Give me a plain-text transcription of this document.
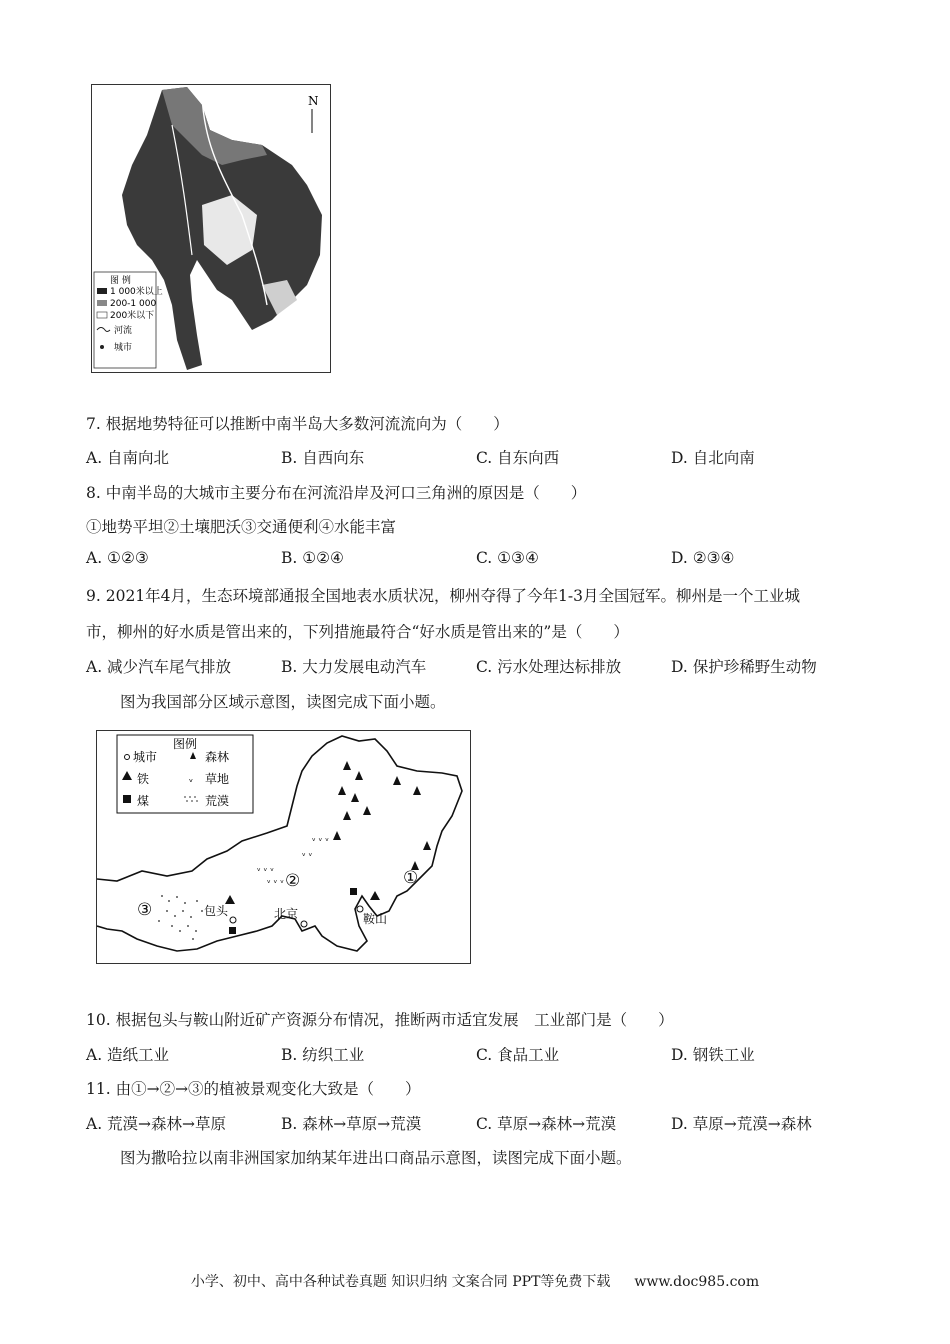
N
图 例
1 000米以上
200-1 000
200米以下
河流
城市
7. 根据地势特征可以推断中南半岛大多数河流流向为（　　）
A. 自南向北	B. 自西向东	C. 自东向西	D. 自北向南
8. 中南半岛的大城市主要分布在河流沿岸及河口三角洲的原因是（　　）
①地势平坦②土壤肥沃③交通便利④水能丰富
A. ①②③	B. ①②④	C. ①③④	D. ②③④
9. 2021年4月，生态环境部通报全国地表水质状况，柳州夺得了今年1-3月全国冠军。柳州是一个工业城
市，柳州的好水质是管出来的，下列措施最符合“好水质是管出来的”是（　　）
A. 减少汽车尾气排放	B. 大力发展电动汽车	C. 污水处理达标排放	D. 保护珍稀野生动物
图为我国部分区域示意图，读图完成下面小题。
ᵥ ᵥ ᵥ
ᵥ ᵥ ᵥ
ᵥ ᵥ
ᵥ ᵥ ᵥ
包头	北京	鞍山
①
②
③
图例
城市	森林
铁	ᵥ 草地
煤	荒漠
10. 根据包头与鞍山附近矿产资源分布情况，推断两市适宜发展　工业部门是（　　）
A. 造纸工业	B. 纺织工业	C. 食品工业	D. 钢铁工业
11. 由①→②→③的植被景观变化大致是（　　）
A. 荒漠→森林→草原	B. 森林→草原→荒漠	C. 草原→森林→荒漠	D. 草原→荒漠→森林
图为撒哈拉以南非洲国家加纳某年进出口商品示意图，读图完成下面小题。
小学、初中、高中各种试卷真题 知识归纳 文案合同 PPT等免费下载 www.doc985.com
